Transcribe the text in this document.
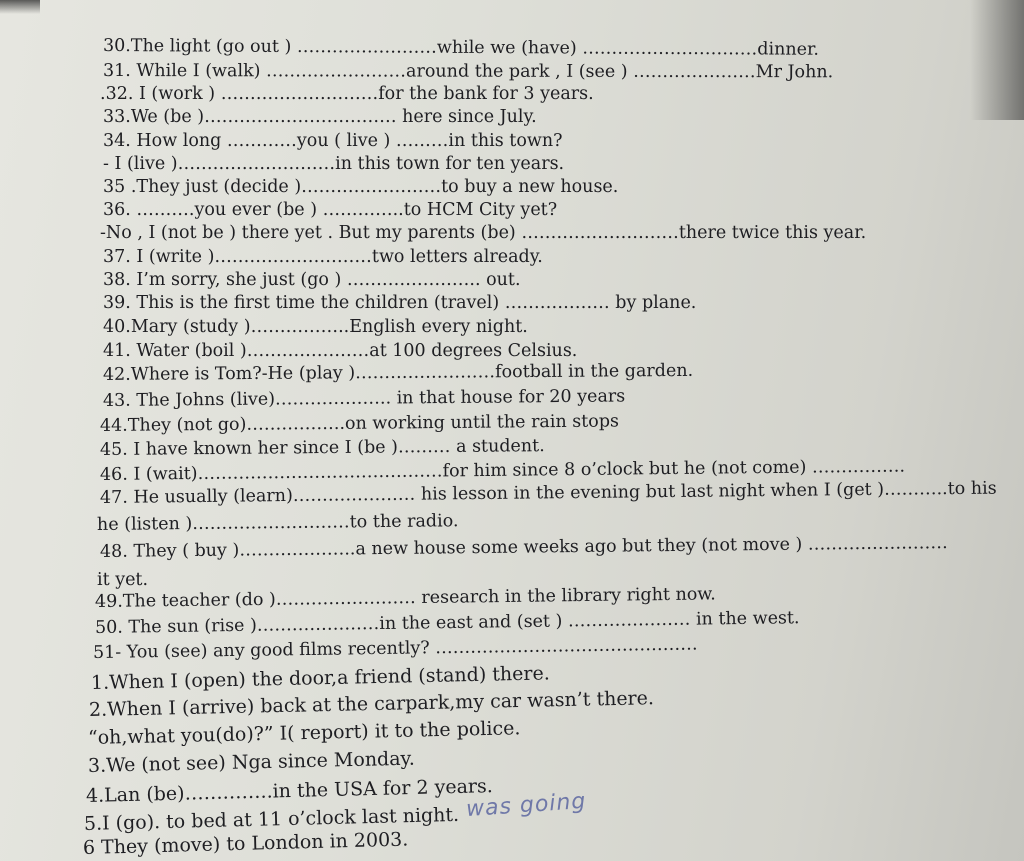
30.The light (go out ) ……………………while we (have) …………………………dinner.
31. While I (walk) ……………………around the park , I (see ) …………………Mr John.
.32. I (work ) ………………………for the bank for 3 years.
33.We (be )…………………………… here since July.
34. How long …………you ( live ) ………in this town?
- I (live )………………………in this town for ten years.
35 .They just (decide )……………………to buy a new house.
36. ……….you ever (be ) …………..to HCM City yet?
-No , I (not be ) there yet . But my parents (be) ………………………there twice this year.
37. I (write )………………………two letters already.
38. I’m sorry, she just (go ) ………………….. out.
39. This is the first time the children (travel) ……………… by plane.
40.Mary (study )……………..English every night.
41. Water (boil )…………………at 100 degrees Celsius.
42.Where is Tom?-He (play )……………………football in the garden.
43. The Johns (live)……………….. in that house for 20 years
44.They (not go)……………..on working until the rain stops
45. I have known her since I (be )……… a student.
46. I (wait)……………………………………for him since 8 o’clock but he (not come) …………….
47. He usually (learn)………………… his lesson in the evening but last night when I (get )………..to his
he (listen )………………………to the radio.
48. They ( buy )………………..a new house some weeks ago but they (not move ) ……………………
it yet.
49.The teacher (do )…………………… research in the library right now.
50. The sun (rise )…………………in the east and (set ) ………………… in the west.
51- You (see) any good films recently? ………………………………………
1.When I (open) the door,a friend (stand) there.
2.When I (arrive) back at the carpark,my car wasn’t there.
“oh,what you(do)?” I( report) it to the police.
3.We (not see) Nga since Monday.
4.Lan (be)…………..in the USA for 2 years.
5.I (go). to bed at 11 o’clock last night.
6 They (move) to London in 2003.
was going
